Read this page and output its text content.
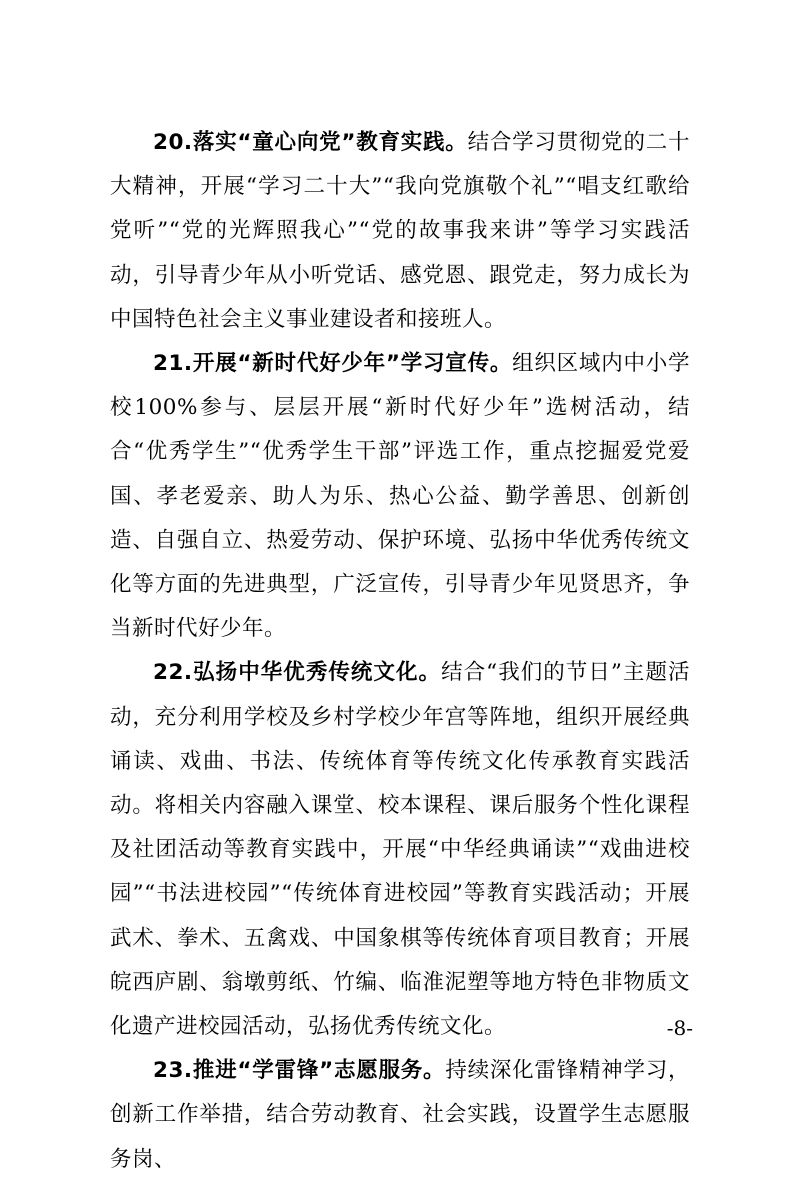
20.落实“童心向党”教育实践。结合学习贯彻党的二十大精神，开展“学习二十大”“我向党旗敬个礼”“唱支红歌给党听”“党的光辉照我心”“党的故事我来讲”等学习实践活动，引导青少年从小听党话、感党恩、跟党走，努力成长为中国特色社会主义事业建设者和接班人。

21.开展“新时代好少年”学习宣传。组织区域内中小学校100%参与、层层开展“新时代好少年”选树活动，结合“优秀学生”“优秀学生干部”评选工作，重点挖掘爱党爱国、孝老爱亲、助人为乐、热心公益、勤学善思、创新创造、自强自立、热爱劳动、保护环境、弘扬中华优秀传统文化等方面的先进典型，广泛宣传，引导青少年见贤思齐，争当新时代好少年。

22.弘扬中华优秀传统文化。结合“我们的节日”主题活动，充分利用学校及乡村学校少年宫等阵地，组织开展经典诵读、戏曲、书法、传统体育等传统文化传承教育实践活动。将相关内容融入课堂、校本课程、课后服务个性化课程及社团活动等教育实践中，开展“中华经典诵读”“戏曲进校园”“书法进校园”“传统体育进校园”等教育实践活动；开展武术、拳术、五禽戏、中国象棋等传统体育项目教育；开展皖西庐剧、翁墩剪纸、竹编、临淮泥塑等地方特色非物质文化遗产进校园活动，弘扬优秀传统文化。

23.推进“学雷锋”志愿服务。持续深化雷锋精神学习，创新工作举措，结合劳动教育、社会实践，设置学生志愿服务岗、

-8-
